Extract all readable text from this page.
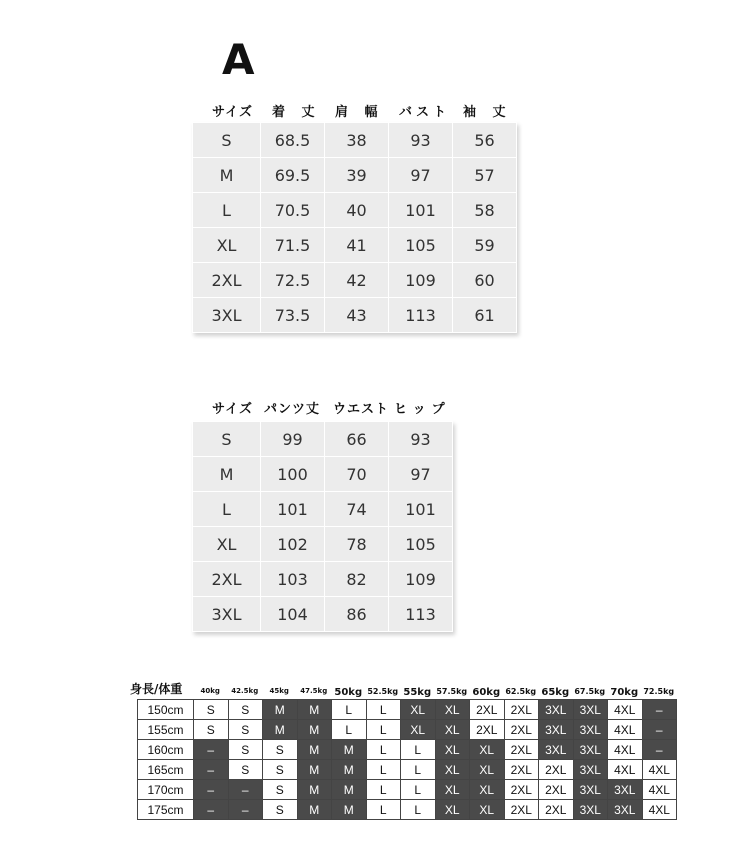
A
サイズ 着 丈 肩 幅 バスト 袖 丈
S	68.5	38	93	56
M	69.5	39	97	57
L	70.5	40	101	58
XL	71.5	41	105	59
2XL	72.5	42	109	60
3XL	73.5	43	113	61
サイズ パンツ丈 ウエスト ヒップ
S	99	66	93
M	100	70	97
L	101	74	101
XL	102	78	105
2XL	103	82	109
3XL	104	86	113
身長/体重	40kg	42.5kg	45kg	47.5kg 50kg 52.5kg 55kg 57.5kg 60kg 62.5kg 65kg 67.5kg 70kg 72.5kg
150cm	S	S	M	M	L	L	XL	XL	2XL	2XL	3XL	3XL	4XL	–
155cm	S	S	M	M	L	L	XL	XL	2XL	2XL	3XL	3XL	4XL	–
160cm	–	S	S	M	M	L	L	XL	XL	2XL	3XL	3XL	4XL	–
165cm	–	S	S	M	M	L	L	XL	XL	2XL	2XL	3XL	4XL	4XL
170cm	–	–	S	M	M	L	L	XL	XL	2XL	2XL	3XL	3XL	4XL
175cm	–	–	S	M	M	L	L	XL	XL	2XL	2XL	3XL	3XL	4XL
